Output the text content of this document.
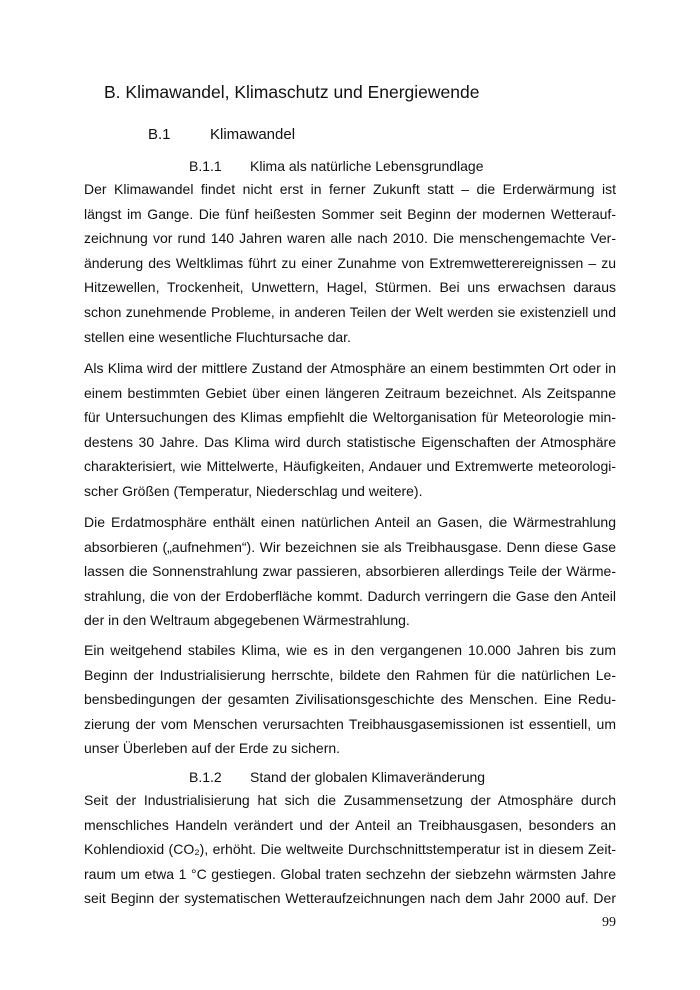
B. Klimawandel, Klimaschutz und Energiewende
B.1	Klimawandel
B.1.1 Klima als natürliche Lebensgrundlage

Der Klimawandel findet nicht erst in ferner Zukunft statt – die Erderwärmung ist
längst im Gange. Die fünf heißesten Sommer seit Beginn der modernen Wetterauf-
zeichnung vor rund 140 Jahren waren alle nach 2010. Die menschengemachte Ver-
änderung des Weltklimas führt zu einer Zunahme von Extremwetterereignissen – zu
Hitzewellen, Trockenheit, Unwettern, Hagel, Stürmen. Bei uns erwachsen daraus
schon zunehmende Probleme, in anderen Teilen der Welt werden sie existenziell und
stellen eine wesentliche Fluchtursache dar.

Als Klima wird der mittlere Zustand der Atmosphäre an einem bestimmten Ort oder in
einem bestimmten Gebiet über einen längeren Zeitraum bezeichnet. Als Zeitspanne
für Untersuchungen des Klimas empfiehlt die Weltorganisation für Meteorologie min-
destens 30 Jahre. Das Klima wird durch statistische Eigenschaften der Atmosphäre
charakterisiert, wie Mittelwerte, Häufigkeiten, Andauer und Extremwerte meteorologi-
scher Größen (Temperatur, Niederschlag und weitere).

Die Erdatmosphäre enthält einen natürlichen Anteil an Gasen, die Wärmestrahlung
absorbieren („aufnehmen“). Wir bezeichnen sie als Treibhausgase. Denn diese Gase
lassen die Sonnenstrahlung zwar passieren, absorbieren allerdings Teile der Wärme-
strahlung, die von der Erdoberfläche kommt. Dadurch verringern die Gase den Anteil
der in den Weltraum abgegebenen Wärmestrahlung.

Ein weitgehend stabiles Klima, wie es in den vergangenen 10.000 Jahren bis zum
Beginn der Industrialisierung herrschte, bildete den Rahmen für die natürlichen Le-
bensbedingungen der gesamten Zivilisationsgeschichte des Menschen. Eine Redu-
zierung der vom Menschen verursachten Treibhausgasemissionen ist essentiell, um
unser Überleben auf der Erde zu sichern.

B.1.2 Stand der globalen Klimaveränderung

Seit der Industrialisierung hat sich die Zusammensetzung der Atmosphäre durch
menschliches Handeln verändert und der Anteil an Treibhausgasen, besonders an
Kohlendioxid (CO₂), erhöht. Die weltweite Durchschnittstemperatur ist in diesem Zeit-
raum um etwa 1 °C gestiegen. Global traten sechzehn der siebzehn wärmsten Jahre
seit Beginn der systematischen Wetteraufzeichnungen nach dem Jahr 2000 auf. Der

99
